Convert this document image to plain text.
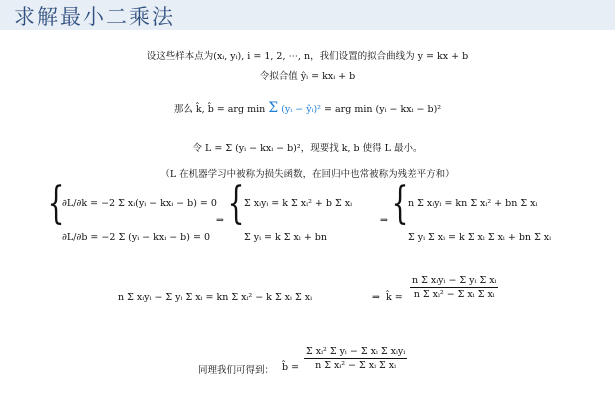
求解最小二乘法
设这些样本点为(xᵢ, yᵢ), i = 1, 2, ⋯, n，我们设置的拟合曲线为 y = kx + b
令拟合值 ŷᵢ = kxᵢ + b
那么 k̂, b̂ = arg min Σ (yᵢ − ŷᵢ)² = arg min (yᵢ − kxᵢ − b)²
令 L = Σ (yᵢ − kxᵢ − b)²，现要找 k, b 使得 L 最小。
（L 在机器学习中被称为损失函数，在回归中也常被称为残差平方和）
{
∂L/∂k = −2 Σ xᵢ(yᵢ − kxᵢ − b) = 0
∂L/∂b = −2 Σ (yᵢ − kxᵢ − b) = 0
⇒ { Σ xᵢyᵢ = k Σ xᵢ² + b Σ xᵢ
Σ yᵢ = k Σ xᵢ + bn
⇒ { n Σ xᵢyᵢ = kn Σ xᵢ² + bn Σ xᵢ
Σ yᵢ Σ xᵢ = k Σ xᵢ Σ xᵢ + bn Σ xᵢ
n Σ xᵢyᵢ − Σ yᵢ Σ xᵢ = kn Σ xᵢ² − k Σ xᵢ Σ xᵢ	⇒ k̂ = $\frac{\text{n Σ xᵢyᵢ − Σ yᵢ Σ xᵢ}}{\text{n Σ xᵢ² − Σ xᵢ Σ xᵢ}}$
同理我们可得到： b̂ = $\frac{\text{Σ xᵢ² Σ yᵢ − Σ xᵢ Σ xᵢyᵢ}}{\text{n Σ xᵢ² − Σ xᵢ Σ xᵢ}}$
